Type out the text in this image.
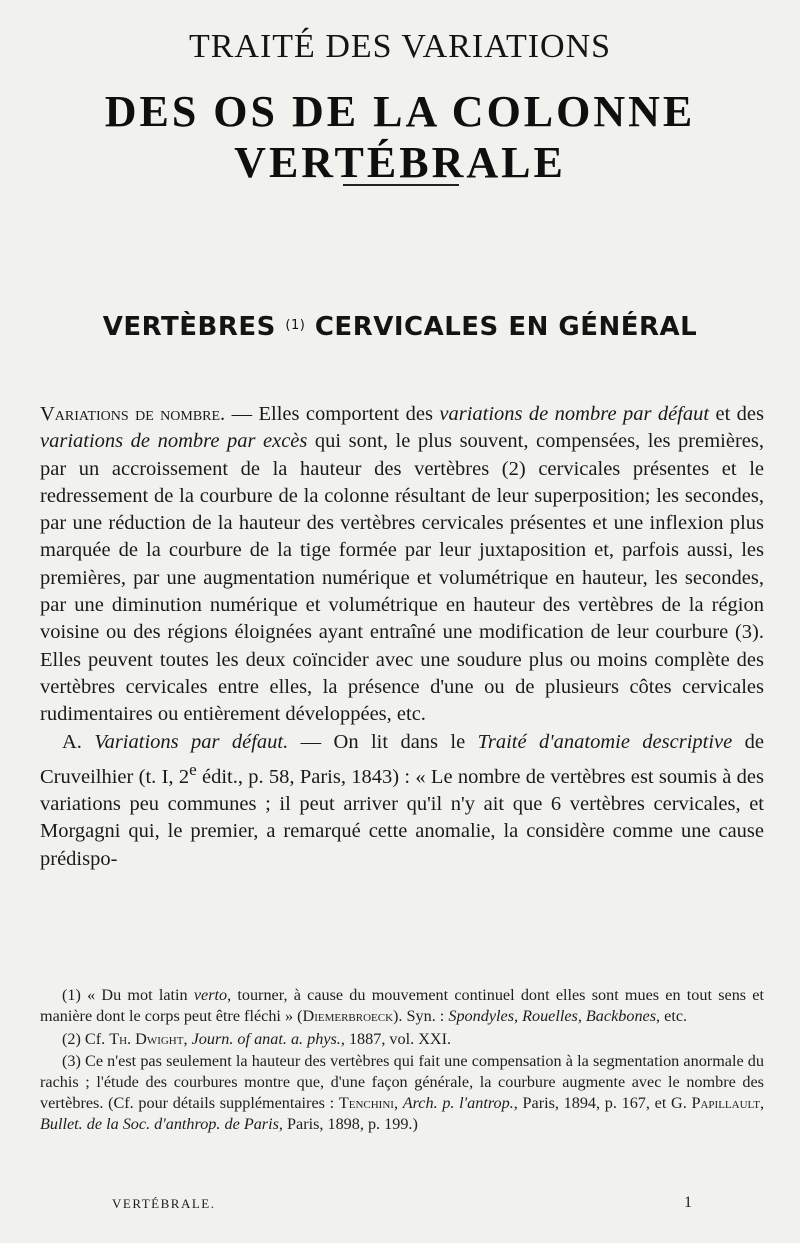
TRAITÉ DES VARIATIONS
DES OS DE LA COLONNE VERTÉBRALE
VERTÈBRES $^{(1)}$ CERVICALES EN GÉNÉRAL

Variations de nombre. — Elles comportent des variations de nombre par défaut et des variations de nombre par excès qui sont, le plus souvent, compensées, les premières, par un accroissement de la hauteur des vertèbres (2) cervicales présentes et le redressement de la courbure de la colonne résultant de leur superposition; les secondes, par une réduction de la hauteur des vertèbres cervicales présentes et une inflexion plus marquée de la courbure de la tige formée par leur juxtaposition et, parfois aussi, les premières, par une augmentation numérique et volumétrique en hauteur, les secondes, par une diminution numérique et volumétrique en hauteur des vertèbres de la région voisine ou des régions éloignées ayant entraîné une modification de leur courbure (3). Elles peuvent toutes les deux coïncider avec une soudure plus ou moins complète des vertèbres cervicales entre elles, la présence d'une ou de plusieurs côtes cervicales rudimentaires ou entièrement développées, etc.

A. Variations par défaut. — On lit dans le Traité d'anatomie descriptive de Cruveilhier (t. I, 2e édit., p. 58, Paris, 1843) : « Le nombre de vertèbres est soumis à des variations peu communes ; il peut arriver qu'il n'y ait que 6 vertèbres cervicales, et Morgagni qui, le premier, a remarqué cette anomalie, la considère comme une cause prédispo-

(1) « Du mot latin verto, tourner, à cause du mouvement continuel dont elles sont mues en tout sens et manière dont le corps peut être fléchi » (Diemerbroeck). Syn. : Spondyles, Rouelles, Backbones, etc.

(2) Cf. Th. Dwight, Journ. of anat. a. phys., 1887, vol. XXI.

(3) Ce n'est pas seulement la hauteur des vertèbres qui fait une compensation à la segmentation anormale du rachis ; l'étude des courbures montre que, d'une façon générale, la courbure augmente avec le nombre des vertèbres. (Cf. pour détails supplémentaires : Tenchini, Arch. p. l'antrop., Paris, 1894, p. 167, et G. Papillault, Bullet. de la Soc. d'anthrop. de Paris, Paris, 1898, p. 199.)

VERTÉBRALE.	1
